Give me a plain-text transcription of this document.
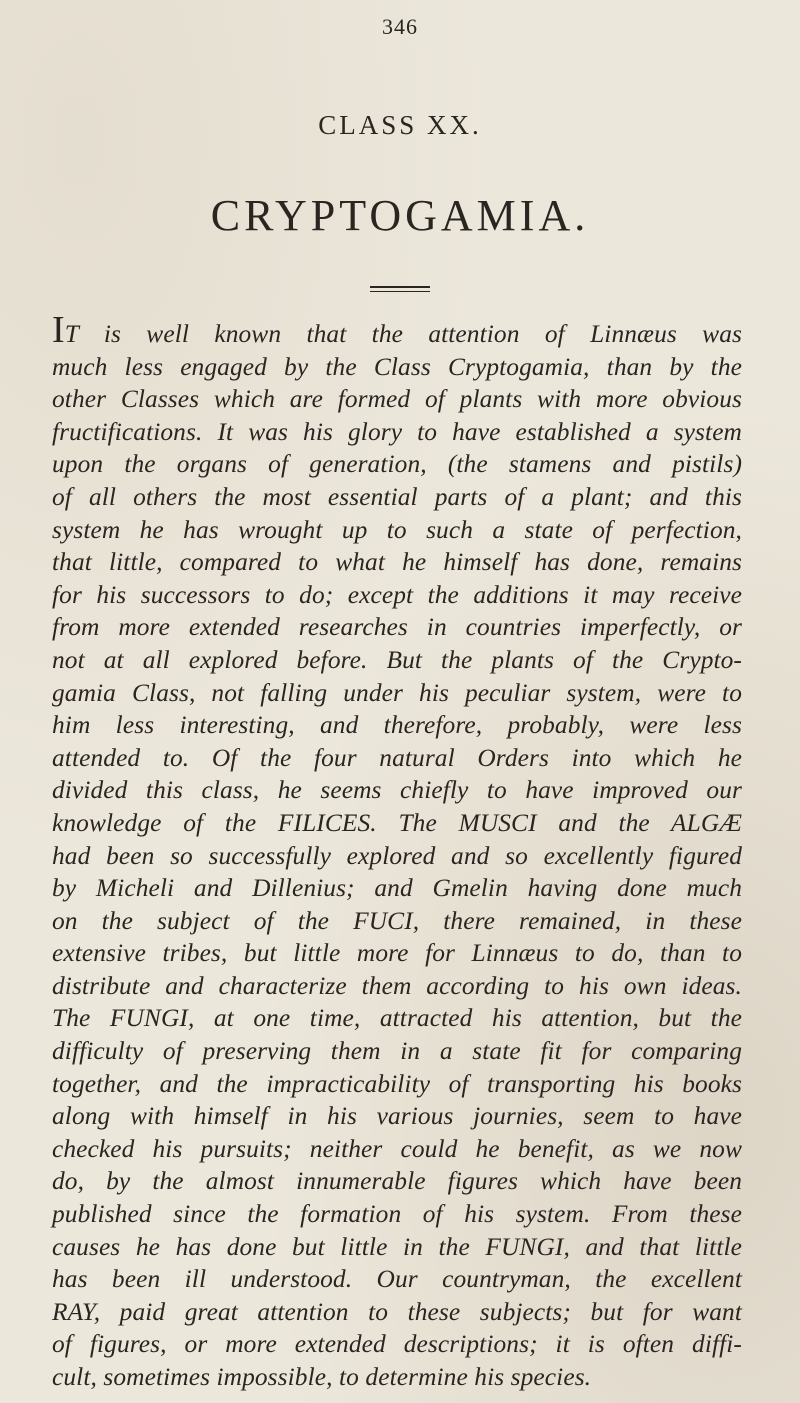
346
CLASS XX.
CRYPTOGAMIA.
IT is well known that the attention of Linnæus was
much less engaged by the Class Cryptogamia, than by the
other Classes which are formed of plants with more obvious
fructifications. It was his glory to have established a system
upon the organs of generation, (the stamens and pistils)
of all others the most essential parts of a plant; and this
system he has wrought up to such a state of perfection,
that little, compared to what he himself has done, remains
for his successors to do; except the additions it may receive
from more extended researches in countries imperfectly, or
not at all explored before. But the plants of the Crypto-
gamia Class, not falling under his peculiar system, were to
him less interesting, and therefore, probably, were less
attended to. Of the four natural Orders into which he
divided this class, he seems chiefly to have improved our
knowledge of the FILICES. The MUSCI and the ALGÆ
had been so successfully explored and so excellently figured
by Micheli and Dillenius; and Gmelin having done much
on the subject of the FUCI, there remained, in these
extensive tribes, but little more for Linnæus to do, than to
distribute and characterize them according to his own ideas.
The FUNGI, at one time, attracted his attention, but the
difficulty of preserving them in a state fit for comparing
together, and the impracticability of transporting his books
along with himself in his various journies, seem to have
checked his pursuits; neither could he benefit, as we now
do, by the almost innumerable figures which have been
published since the formation of his system. From these
causes he has done but little in the FUNGI, and that little
has been ill understood. Our countryman, the excellent
RAY, paid great attention to these subjects; but for want
of figures, or more extended descriptions; it is often diffi-
cult, sometimes impossible, to determine his species.
